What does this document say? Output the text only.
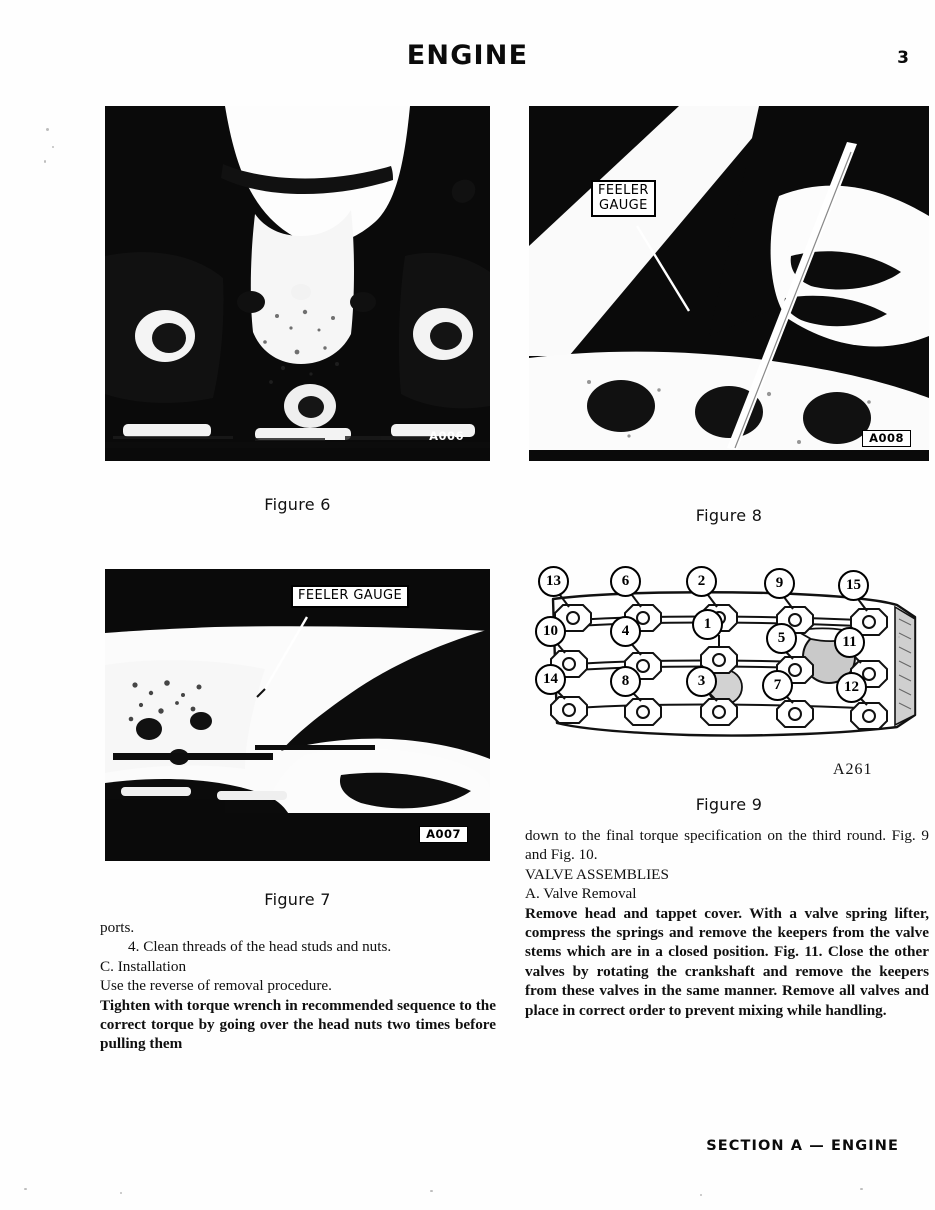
ENGINE	3
A006
Figure 6
FEELER
GAUGE
A008
Figure 8
FEELER GAUGE
A007
Figure 7
13	6	2	9	15
10	4	1
5	11
14	8	3	7	12
A261
Figure 9

ports.

4. Clean threads of the head studs and nuts.

C. Installation

Use the reverse of removal procedure.

Tighten with torque wrench in recommended sequence to the correct torque by going over the head nuts two times before pulling them

down to the final torque specification on the third round. Fig. 9 and Fig. 10.

VALVE ASSEMBLIES

A. Valve Removal

Remove head and tappet cover. With a valve spring lifter, compress the springs and remove the keepers from the valve stems which are in a closed position. Fig. 11. Close the other valves by rotating the crankshaft and remove the keepers from these valves in the same manner. Remove all valves and place in correct order to prevent mixing while handling.

SECTION A — ENGINE
